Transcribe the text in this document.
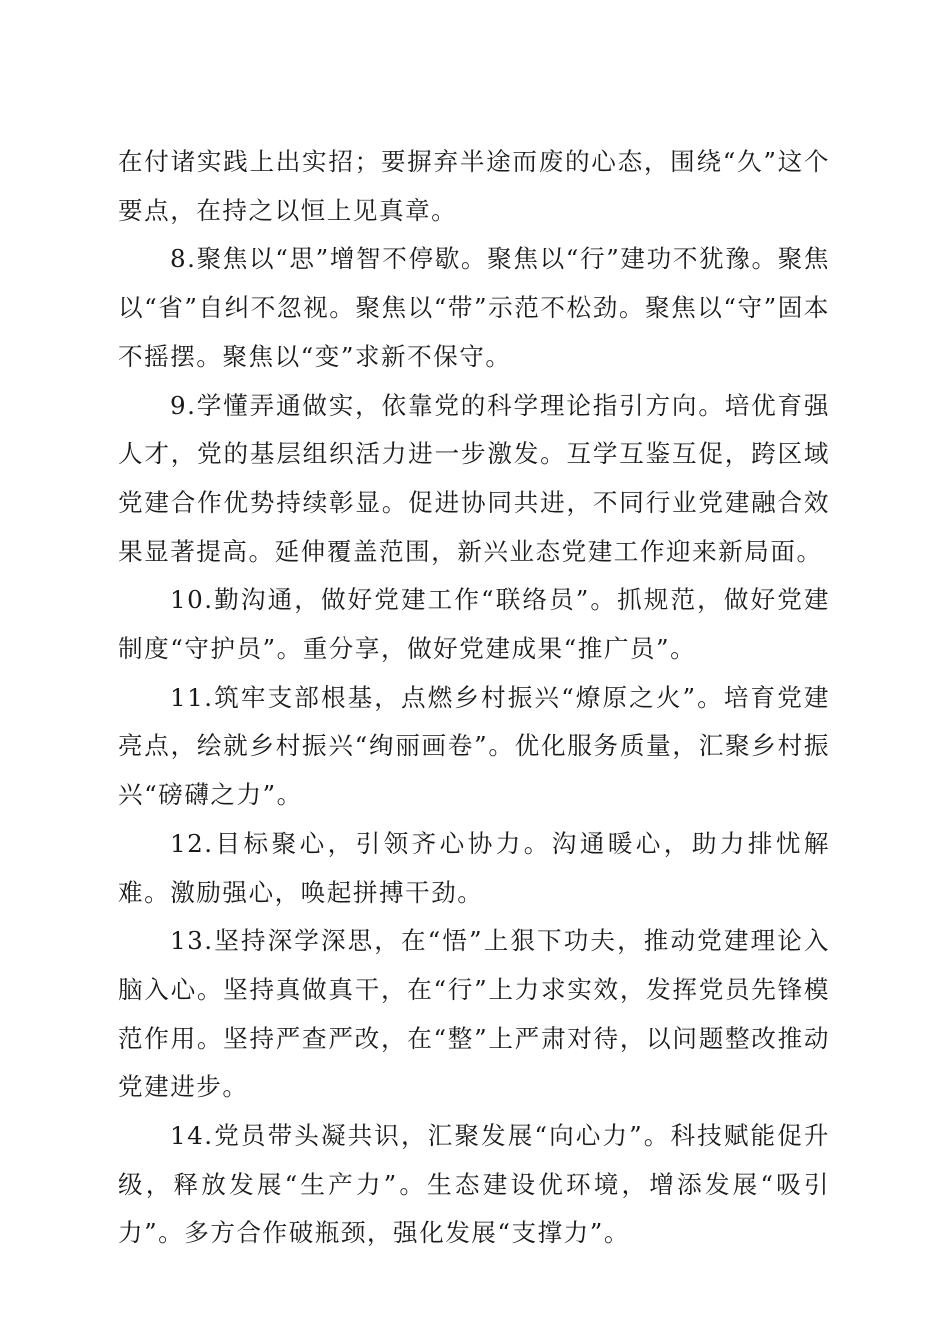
在付诸实践上出实招；要摒弃半途而废的心态，围绕“久”这个要点，在持之以恒上见真章。

8.聚焦以“思”增智不停歇。聚焦以“行”建功不犹豫。聚焦以“省”自纠不忽视。聚焦以“带”示范不松劲。聚焦以“守”固本不摇摆。聚焦以“变”求新不保守。

9.学懂弄通做实，依靠党的科学理论指引方向。培优育强人才，党的基层组织活力进一步激发。互学互鉴互促，跨区域党建合作优势持续彰显。促进协同共进，不同行业党建融合效果显著提高。延伸覆盖范围，新兴业态党建工作迎来新局面。

10.勤沟通，做好党建工作“联络员”。抓规范，做好党建制度“守护员”。重分享，做好党建成果“推广员”。

11.筑牢支部根基，点燃乡村振兴“燎原之火”。培育党建亮点，绘就乡村振兴“绚丽画卷”。优化服务质量，汇聚乡村振兴“磅礴之力”。

12.目标聚心，引领齐心协力。沟通暖心，助力排忧解难。激励强心，唤起拼搏干劲。

13.坚持深学深思，在“悟”上狠下功夫，推动党建理论入脑入心。坚持真做真干，在“行”上力求实效，发挥党员先锋模范作用。坚持严查严改，在“整”上严肃对待，以问题整改推动党建进步。

14.党员带头凝共识，汇聚发展“向心力”。科技赋能促升级，释放发展“生产力”。生态建设优环境，增添发展“吸引力”。多方合作破瓶颈，强化发展“支撑力”。
